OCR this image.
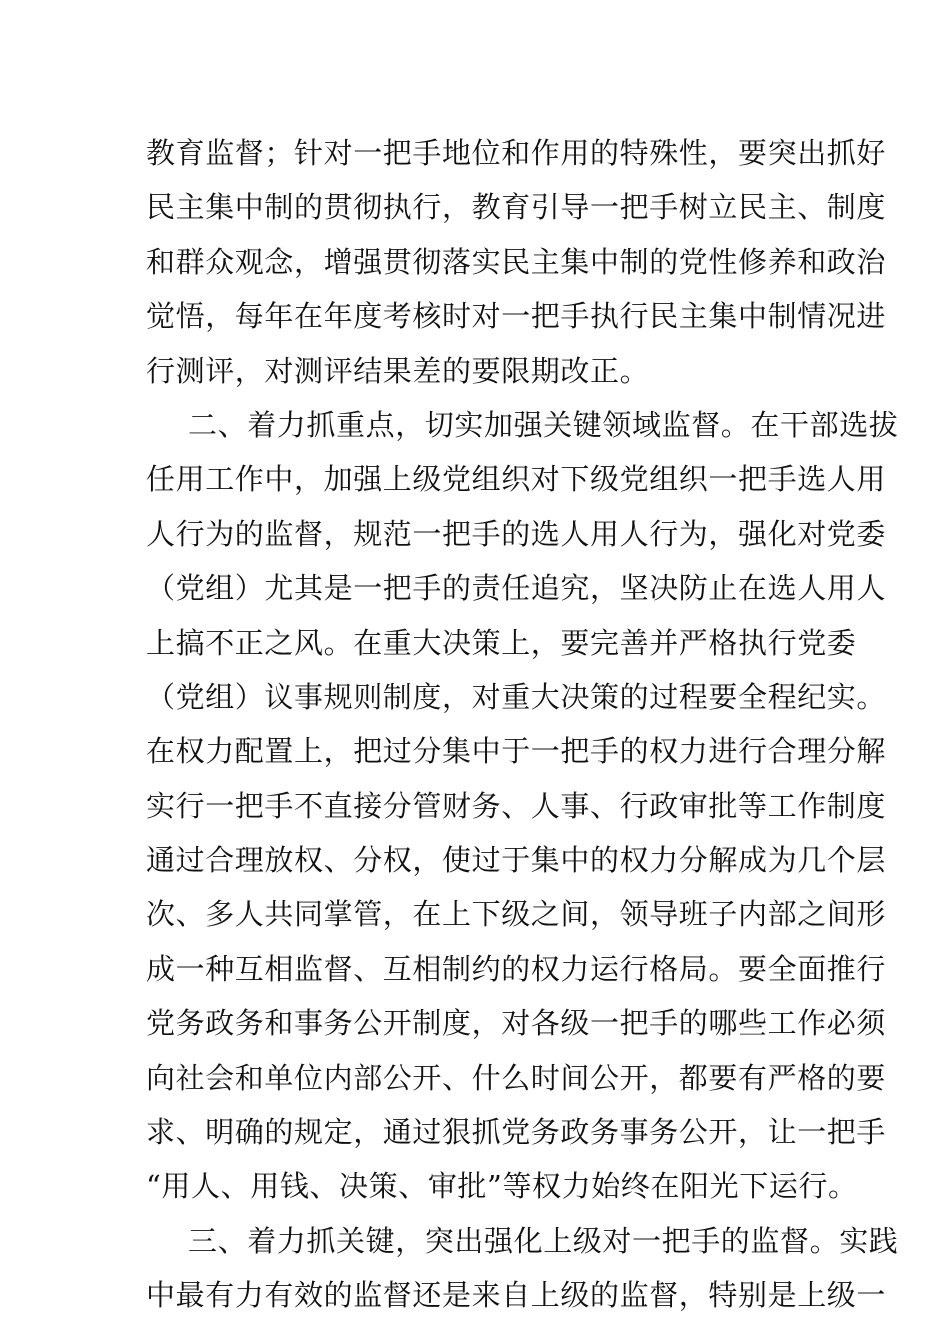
教育监督；针对一把手地位和作用的特殊性，要突出抓好
民主集中制的贯彻执行，教育引导一把手树立民主、制度
和群众观念，增强贯彻落实民主集中制的党性修养和政治
觉悟，每年在年度考核时对一把手执行民主集中制情况进
行测评，对测评结果差的要限期改正。
二、着力抓重点，切实加强关键领域监督。在干部选拔
任用工作中，加强上级党组织对下级党组织一把手选人用
人行为的监督，规范一把手的选人用人行为，强化对党委
（党组）尤其是一把手的责任追究，坚决防止在选人用人
上搞不正之风。在重大决策上，要完善并严格执行党委
（党组）议事规则制度，对重大决策的过程要全程纪实。
在权力配置上，把过分集中于一把手的权力进行合理分解
实行一把手不直接分管财务、人事、行政审批等工作制度
通过合理放权、分权，使过于集中的权力分解成为几个层
次、多人共同掌管，在上下级之间，领导班子内部之间形
成一种互相监督、互相制约的权力运行格局。要全面推行
党务政务和事务公开制度，对各级一把手的哪些工作必须
向社会和单位内部公开、什么时间公开，都要有严格的要
求、明确的规定，通过狠抓党务政务事务公开，让一把手
“用人、用钱、决策、审批”等权力始终在阳光下运行。
三、着力抓关键，突出强化上级对一把手的监督。实践
中最有力有效的监督还是来自上级的监督，特别是上级一
